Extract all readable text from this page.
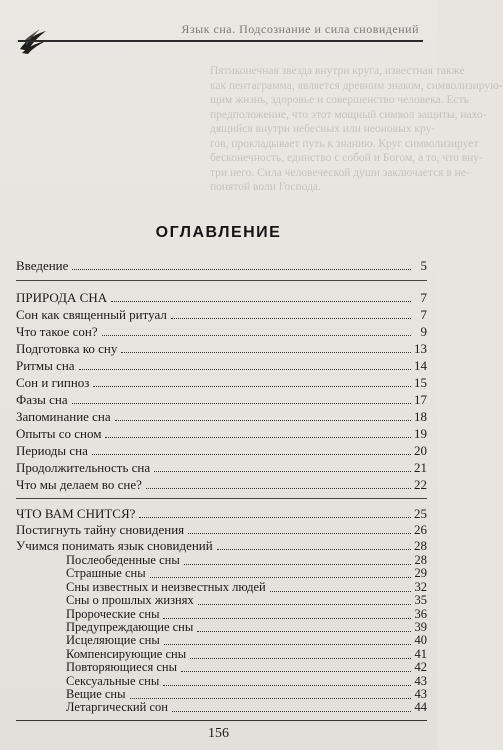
Язык сна. Подсознание и сила сновидений
Пятиконечная звезда внутри круга, известная также
как пентаграмма, является древним знаком, символизирую-
щим жизнь, здоровье и совершенство человека. Есть
предположение, что этот мощный символ защиты, нахо-
дящийся внутри небесных или неоновых кру-
гов, прокладывает путь к знанию. Круг символизирует
бесконечность, единство с собой и Богом, а то, что вну-
три него. Сила человеческой души заключается в не-
понятой воли Господа.
ОГЛАВЛЕНИЕ
Введение	5
ПРИРОДА СНА	7
Сон как священный ритуал	7
Что такое сон?	9
Подготовка ко сну	13
Ритмы сна	14
Сон и гипноз	15
Фазы сна	17
Запоминание сна	18
Опыты со сном	19
Периоды сна	20
Продолжительность сна	21
Что мы делаем во сне?	22
ЧТО ВАМ СНИТСЯ?	25
Постигнуть тайну сновидения	26
Учимся понимать язык сновидений	28
Послеобеденные сны	28
Страшные сны	29
Сны известных и неизвестных людей	32
Сны о прошлых жизнях	35
Пророческие сны	36
Предупреждающие сны	39
Исцеляющие сны	40
Компенсирующие сны	41
Повторяющиеся сны	42
Сексуальные сны	43
Вещие сны	43
Летаргический сон	44
156
